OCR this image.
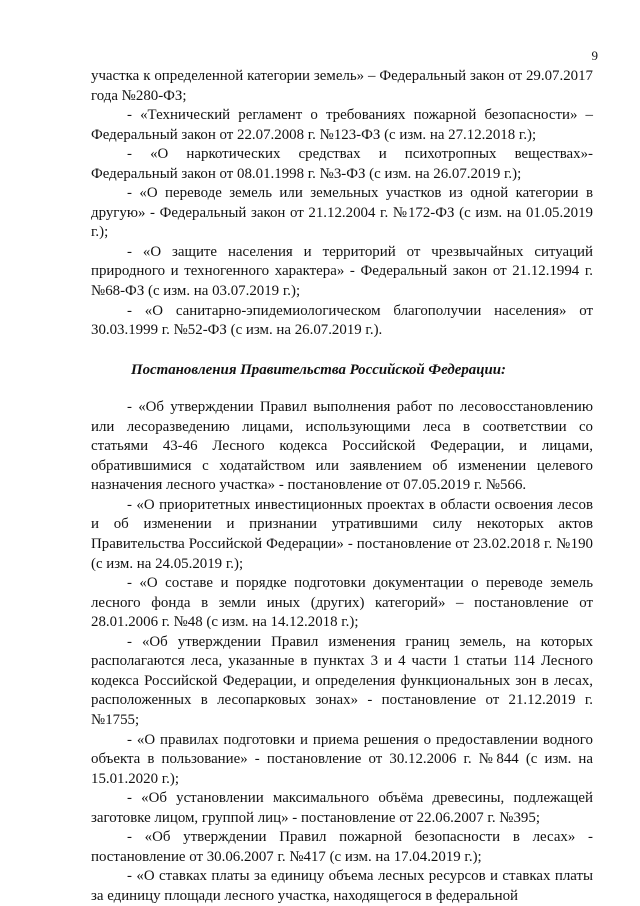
9

участка к определенной категории земель» – Федеральный закон от 29.07.2017 года №280-ФЗ;

- «Технический регламент о требованиях пожарной безопасности» – Федеральный закон от 22.07.2008 г. №123-ФЗ (с изм. на 27.12.2018 г.);

- «О наркотических средствах и психотропных веществах»- Федеральный закон от 08.01.1998 г. №3-ФЗ (с изм. на 26.07.2019 г.);

- «О переводе земель или земельных участков из одной категории в другую» - Федеральный закон от 21.12.2004 г. №172-ФЗ (с изм. на 01.05.2019 г.);

- «О защите населения и территорий от чрезвычайных ситуаций природного и техногенного характера» - Федеральный закон от 21.12.1994 г. №68-ФЗ (с изм. на 03.07.2019 г.);

- «О санитарно-эпидемиологическом благополучии населения» от 30.03.1999 г. №52-ФЗ (с изм. на 26.07.2019 г.).

Постановления Правительства Российской Федерации:

- «Об утверждении Правил выполнения работ по лесовосстановлению или лесоразведению лицами, использующими леса в соответствии со статьями 43-46 Лесного кодекса Российской Федерации, и лицами, обратившимися с ходатайством или заявлением об изменении целевого назначения лесного участка» - постановление от 07.05.2019 г. №566.

- «О приоритетных инвестиционных проектах в области освоения лесов и об изменении и признании утратившими силу некоторых актов Правительства Российской Федерации» - постановление от 23.02.2018 г. №190 (с изм. на 24.05.2019 г.);

- «О составе и порядке подготовки документации о переводе земель лесного фонда в земли иных (других) категорий» – постановление от 28.01.2006 г. №48 (с изм. на 14.12.2018 г.);

- «Об утверждении Правил изменения границ земель, на которых располагаются леса, указанные в пунктах 3 и 4 части 1 статьи 114 Лесного кодекса Российской Федерации, и определения функциональных зон в лесах, расположенных в лесопарковых зонах» - постановление от 21.12.2019 г. №1755;

- «О правилах подготовки и приема решения о предоставлении водного объекта в пользование» - постановление от 30.12.2006 г. №844 (с изм. на 15.01.2020 г.);

- «Об установлении максимального объёма древесины, подлежащей заготовке лицом, группой лиц» - постановление от 22.06.2007 г. №395;

- «Об утверждении Правил пожарной безопасности в лесах» - постановление от 30.06.2007 г. №417 (с изм. на 17.04.2019 г.);

- «О ставках платы за единицу объема лесных ресурсов и ставках платы за единицу площади лесного участка, находящегося в федеральной
